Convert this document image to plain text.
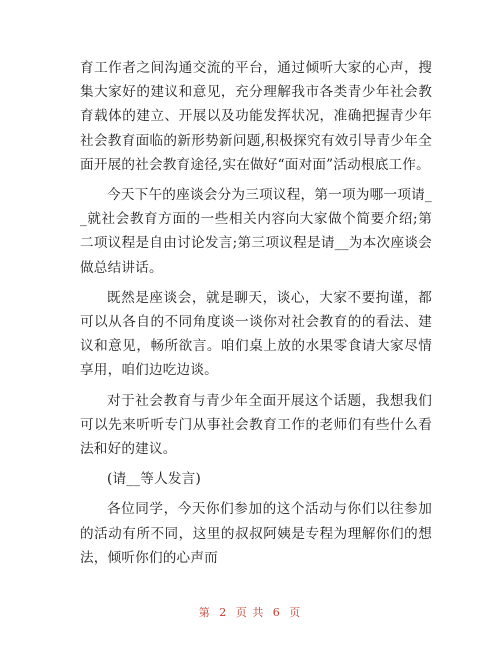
育工作者之间沟通交流的平台，通过倾听大家的心声，搜集大家好的建议和意见，充分理解我市各类青少年社会教育载体的建立、开展以及功能发挥状况，准确把握青少年社会教育面临的新形势新问题,积极探究有效引导青少年全面开展的社会教育途径,实在做好“面对面”活动根底工作。

今天下午的座谈会分为三项议程，第一项为哪一项请__就社会教育方面的一些相关内容向大家做个简要介绍;第二项议程是自由讨论发言;第三项议程是请__为本次座谈会做总结讲话。

既然是座谈会，就是聊天，谈心，大家不要拘谨，都可以从各自的不同角度谈一谈你对社会教育的的看法、建议和意见，畅所欲言。咱们桌上放的水果零食请大家尽情享用，咱们边吃边谈。

对于社会教育与青少年全面开展这个话题，我想我们可以先来听听专门从事社会教育工作的老师们有些什么看法和好的建议。

(请__等人发言)

各位同学，今天你们参加的这个活动与你们以往参加的活动有所不同，这里的叔叔阿姨是专程为理解你们的想法，倾听你们的心声而

第 2 页 共 6 页
